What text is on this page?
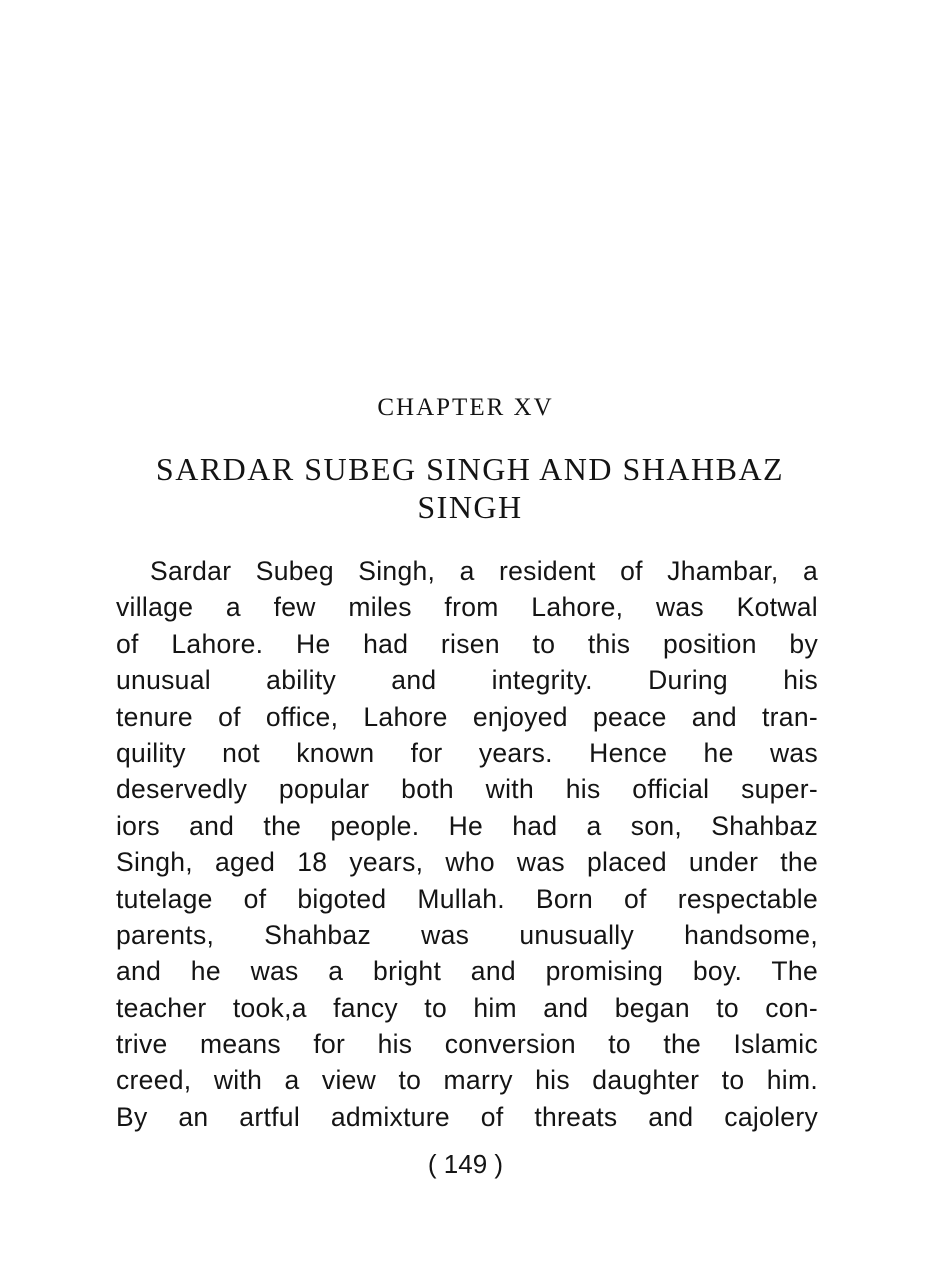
CHAPTER XV
SARDAR SUBEG SINGH AND SHAHBAZ SINGH
Sardar Subeg Singh, a resident of Jhambar, a
village a few miles from Lahore, was Kotwal
of Lahore. He had risen to this position by
unusual ability and integrity. During his
tenure of office, Lahore enjoyed peace and tran-
quility not known for years. Hence he was
deservedly popular both with his official super-
iors and the people. He had a son, Shahbaz
Singh, aged 18 years, who was placed under the
tutelage of bigoted Mullah. Born of respectable
parents, Shahbaz was unusually handsome,
and he was a bright and promising boy. The
teacher took,a fancy to him and began to con-
trive means for his conversion to the Islamic
creed, with a view to marry his daughter to him.
By an artful admixture of threats and cajolery
( 149 )
